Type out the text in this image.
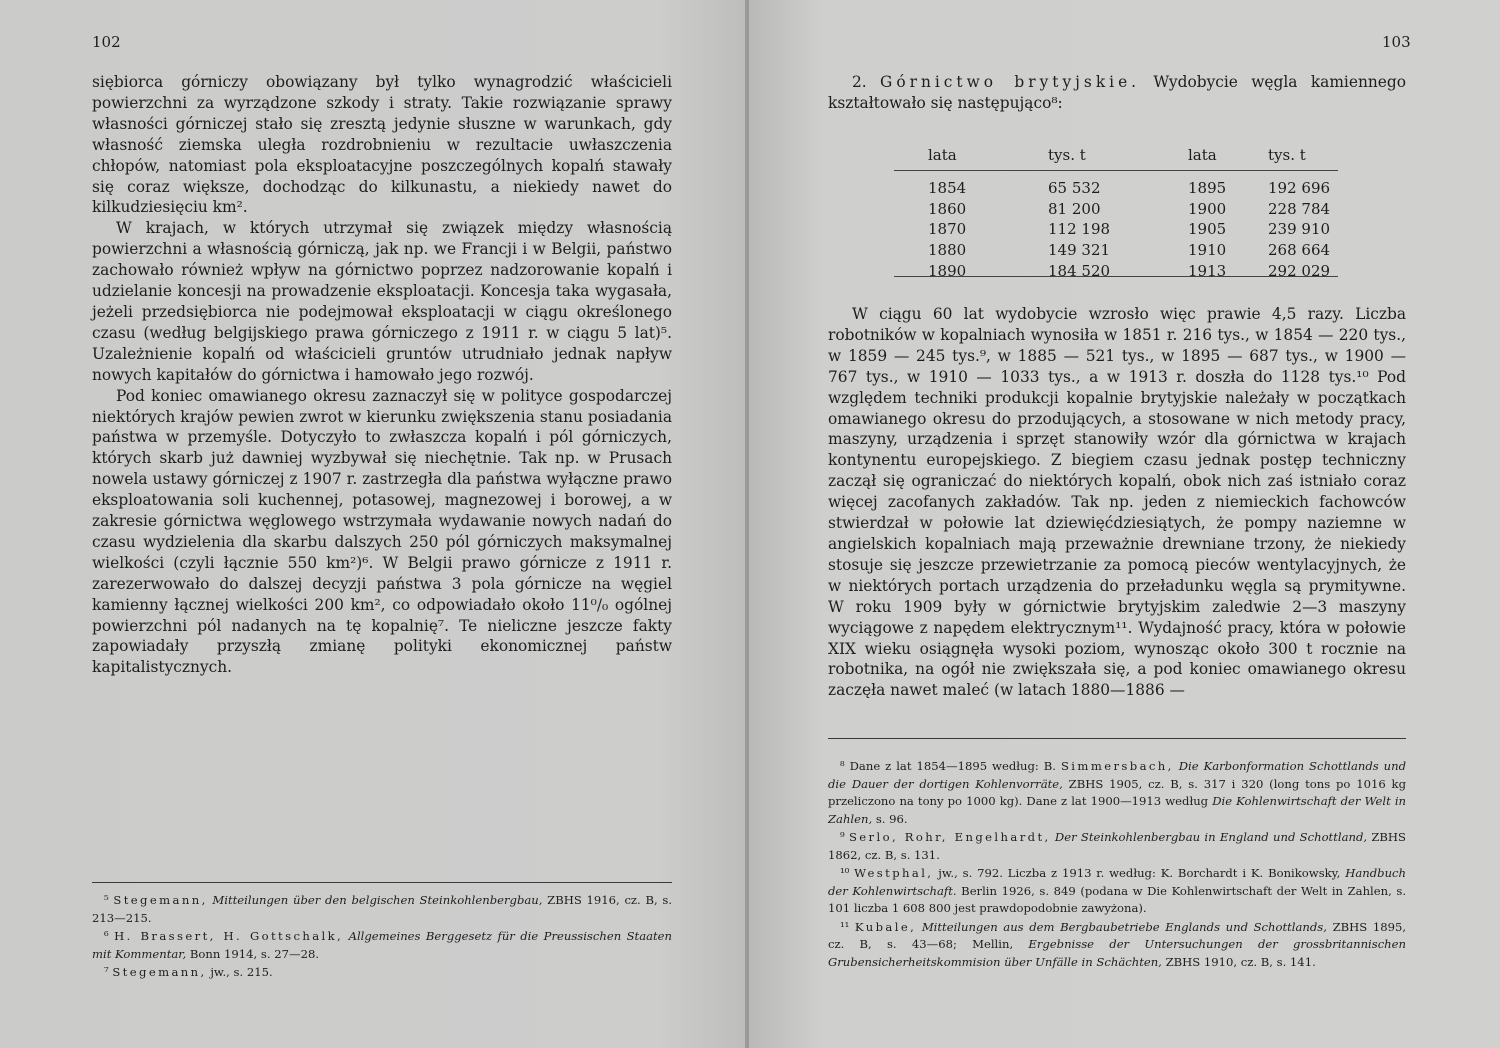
102

siębiorca górniczy obowiązany był tylko wynagrodzić właścicieli powierzchni za wyrządzone szkody i straty. Takie rozwiązanie sprawy własności górniczej stało się zresztą jedynie słuszne w warunkach, gdy własność ziemska uległa rozdrobnieniu w rezultacie uwłaszczenia chłopów, natomiast pola eksploatacyjne poszczególnych kopalń stawały się coraz większe, dochodząc do kilkunastu, a niekiedy nawet do kilkudziesięciu km².

W krajach, w których utrzymał się związek między własnością powierzchni a własnością górniczą, jak np. we Francji i w Belgii, państwo zachowało również wpływ na górnictwo poprzez nadzorowanie kopalń i udzielanie koncesji na prowadzenie eksploatacji. Koncesja taka wygasała, jeżeli przedsiębiorca nie podejmował eksploatacji w ciągu określonego czasu (według belgijskiego prawa górniczego z 1911 r. w ciągu 5 lat)⁵. Uzależnienie kopalń od właścicieli gruntów utrudniało jednak napływ nowych kapitałów do górnictwa i hamowało jego rozwój.

Pod koniec omawianego okresu zaznaczył się w polityce gospodarczej niektórych krajów pewien zwrot w kierunku zwiększenia stanu posiadania państwa w przemyśle. Dotyczyło to zwłaszcza kopalń i pól górniczych, których skarb już dawniej wyzbywał się niechętnie. Tak np. w Prusach nowela ustawy górniczej z 1907 r. zastrzegła dla państwa wyłączne prawo eksploatowania soli kuchennej, potasowej, magnezowej i borowej, a w zakresie górnictwa węglowego wstrzymała wydawanie nowych nadań do czasu wydzielenia dla skarbu dalszych 250 pól górniczych maksymalnej wielkości (czyli łącznie 550 km²)⁶. W Belgii prawo górnicze z 1911 r. zarezerwowało do dalszej decyzji państwa 3 pola górnicze na węgiel kamienny łącznej wielkości 200 km², co odpowiadało około 11⁰/₀ ogólnej powierzchni pól nadanych na tę kopalnię⁷. Te nieliczne jeszcze fakty zapowiadały przyszłą zmianę polityki ekonomicznej państw kapitalistycznych.

⁵ Stegemann, Mitteilungen über den belgischen Steinkohlenbergbau, ZBHS 1916, cz. B, s. 213—215.

⁶ H. Brassert, H. Gottschalk, Allgemeines Berggesetz für die Preussischen Staaten mit Kommentar, Bonn 1914, s. 27—28.

⁷ Stegemann, jw., s. 215.

103

2. Górnictwo brytyjskie. Wydobycie węgla kamiennego kształtowało się następująco⁸:

lata	tys. t	lata	tys. t
1854	65 532	1895	192 696
1860	81 200	1900	228 784
1870	112 198	1905	239 910
1880	149 321	1910	268 664
1890	184 520	1913	292 029

W ciągu 60 lat wydobycie wzrosło więc prawie 4,5 razy. Liczba robotników w kopalniach wynosiła w 1851 r. 216 tys., w 1854 — 220 tys., w 1859 — 245 tys.⁹, w 1885 — 521 tys., w 1895 — 687 tys., w 1900 — 767 tys., w 1910 — 1033 tys., a w 1913 r. doszła do 1128 tys.¹⁰ Pod względem techniki produkcji kopalnie brytyjskie należały w początkach omawianego okresu do przodujących, a stosowane w nich metody pracy, maszyny, urządzenia i sprzęt stanowiły wzór dla górnictwa w krajach kontynentu europejskiego. Z biegiem czasu jednak postęp techniczny zaczął się ograniczać do niektórych kopalń, obok nich zaś istniało coraz więcej zacofanych zakładów. Tak np. jeden z niemieckich fachowców stwierdzał w połowie lat dziewięćdziesiątych, że pompy naziemne w angielskich kopalniach mają przeważnie drewniane trzony, że niekiedy stosuje się jeszcze przewietrzanie za pomocą pieców wentylacyjnych, że w niektórych portach urządzenia do przeładunku węgla są prymitywne. W roku 1909 były w górnictwie brytyjskim zaledwie 2—3 maszyny wyciągowe z napędem elektrycznym¹¹. Wydajność pracy, która w połowie XIX wieku osiągnęła wysoki poziom, wynosząc około 300 t rocznie na robotnika, na ogół nie zwiększała się, a pod koniec omawianego okresu zaczęła nawet maleć (w latach 1880—1886 —

⁸ Dane z lat 1854—1895 według: B. Simmersbach, Die Karbonformation Schottlands und die Dauer der dortigen Kohlenvorräte, ZBHS 1905, cz. B, s. 317 i 320 (long tons po 1016 kg przeliczono na tony po 1000 kg). Dane z lat 1900—1913 według Die Kohlenwirtschaft der Welt in Zahlen, s. 96.

⁹ Serlo, Rohr, Engelhardt, Der Steinkohlenbergbau in England und Schottland, ZBHS 1862, cz. B, s. 131.

¹⁰ Westphal, jw., s. 792. Liczba z 1913 r. według: K. Borchardt i K. Bonikowsky, Handbuch der Kohlenwirtschaft. Berlin 1926, s. 849 (podana w Die Kohlenwirtschaft der Welt in Zahlen, s. 101 liczba 1 608 800 jest prawdopodobnie zawyżona).

¹¹ Kubale, Mitteilungen aus dem Bergbaubetriebe Englands und Schottlands, ZBHS 1895, cz. B, s. 43—68; Mellin, Ergebnisse der Untersuchungen der grossbritannischen Grubensicherheitskommision über Unfälle in Schächten, ZBHS 1910, cz. B, s. 141.
